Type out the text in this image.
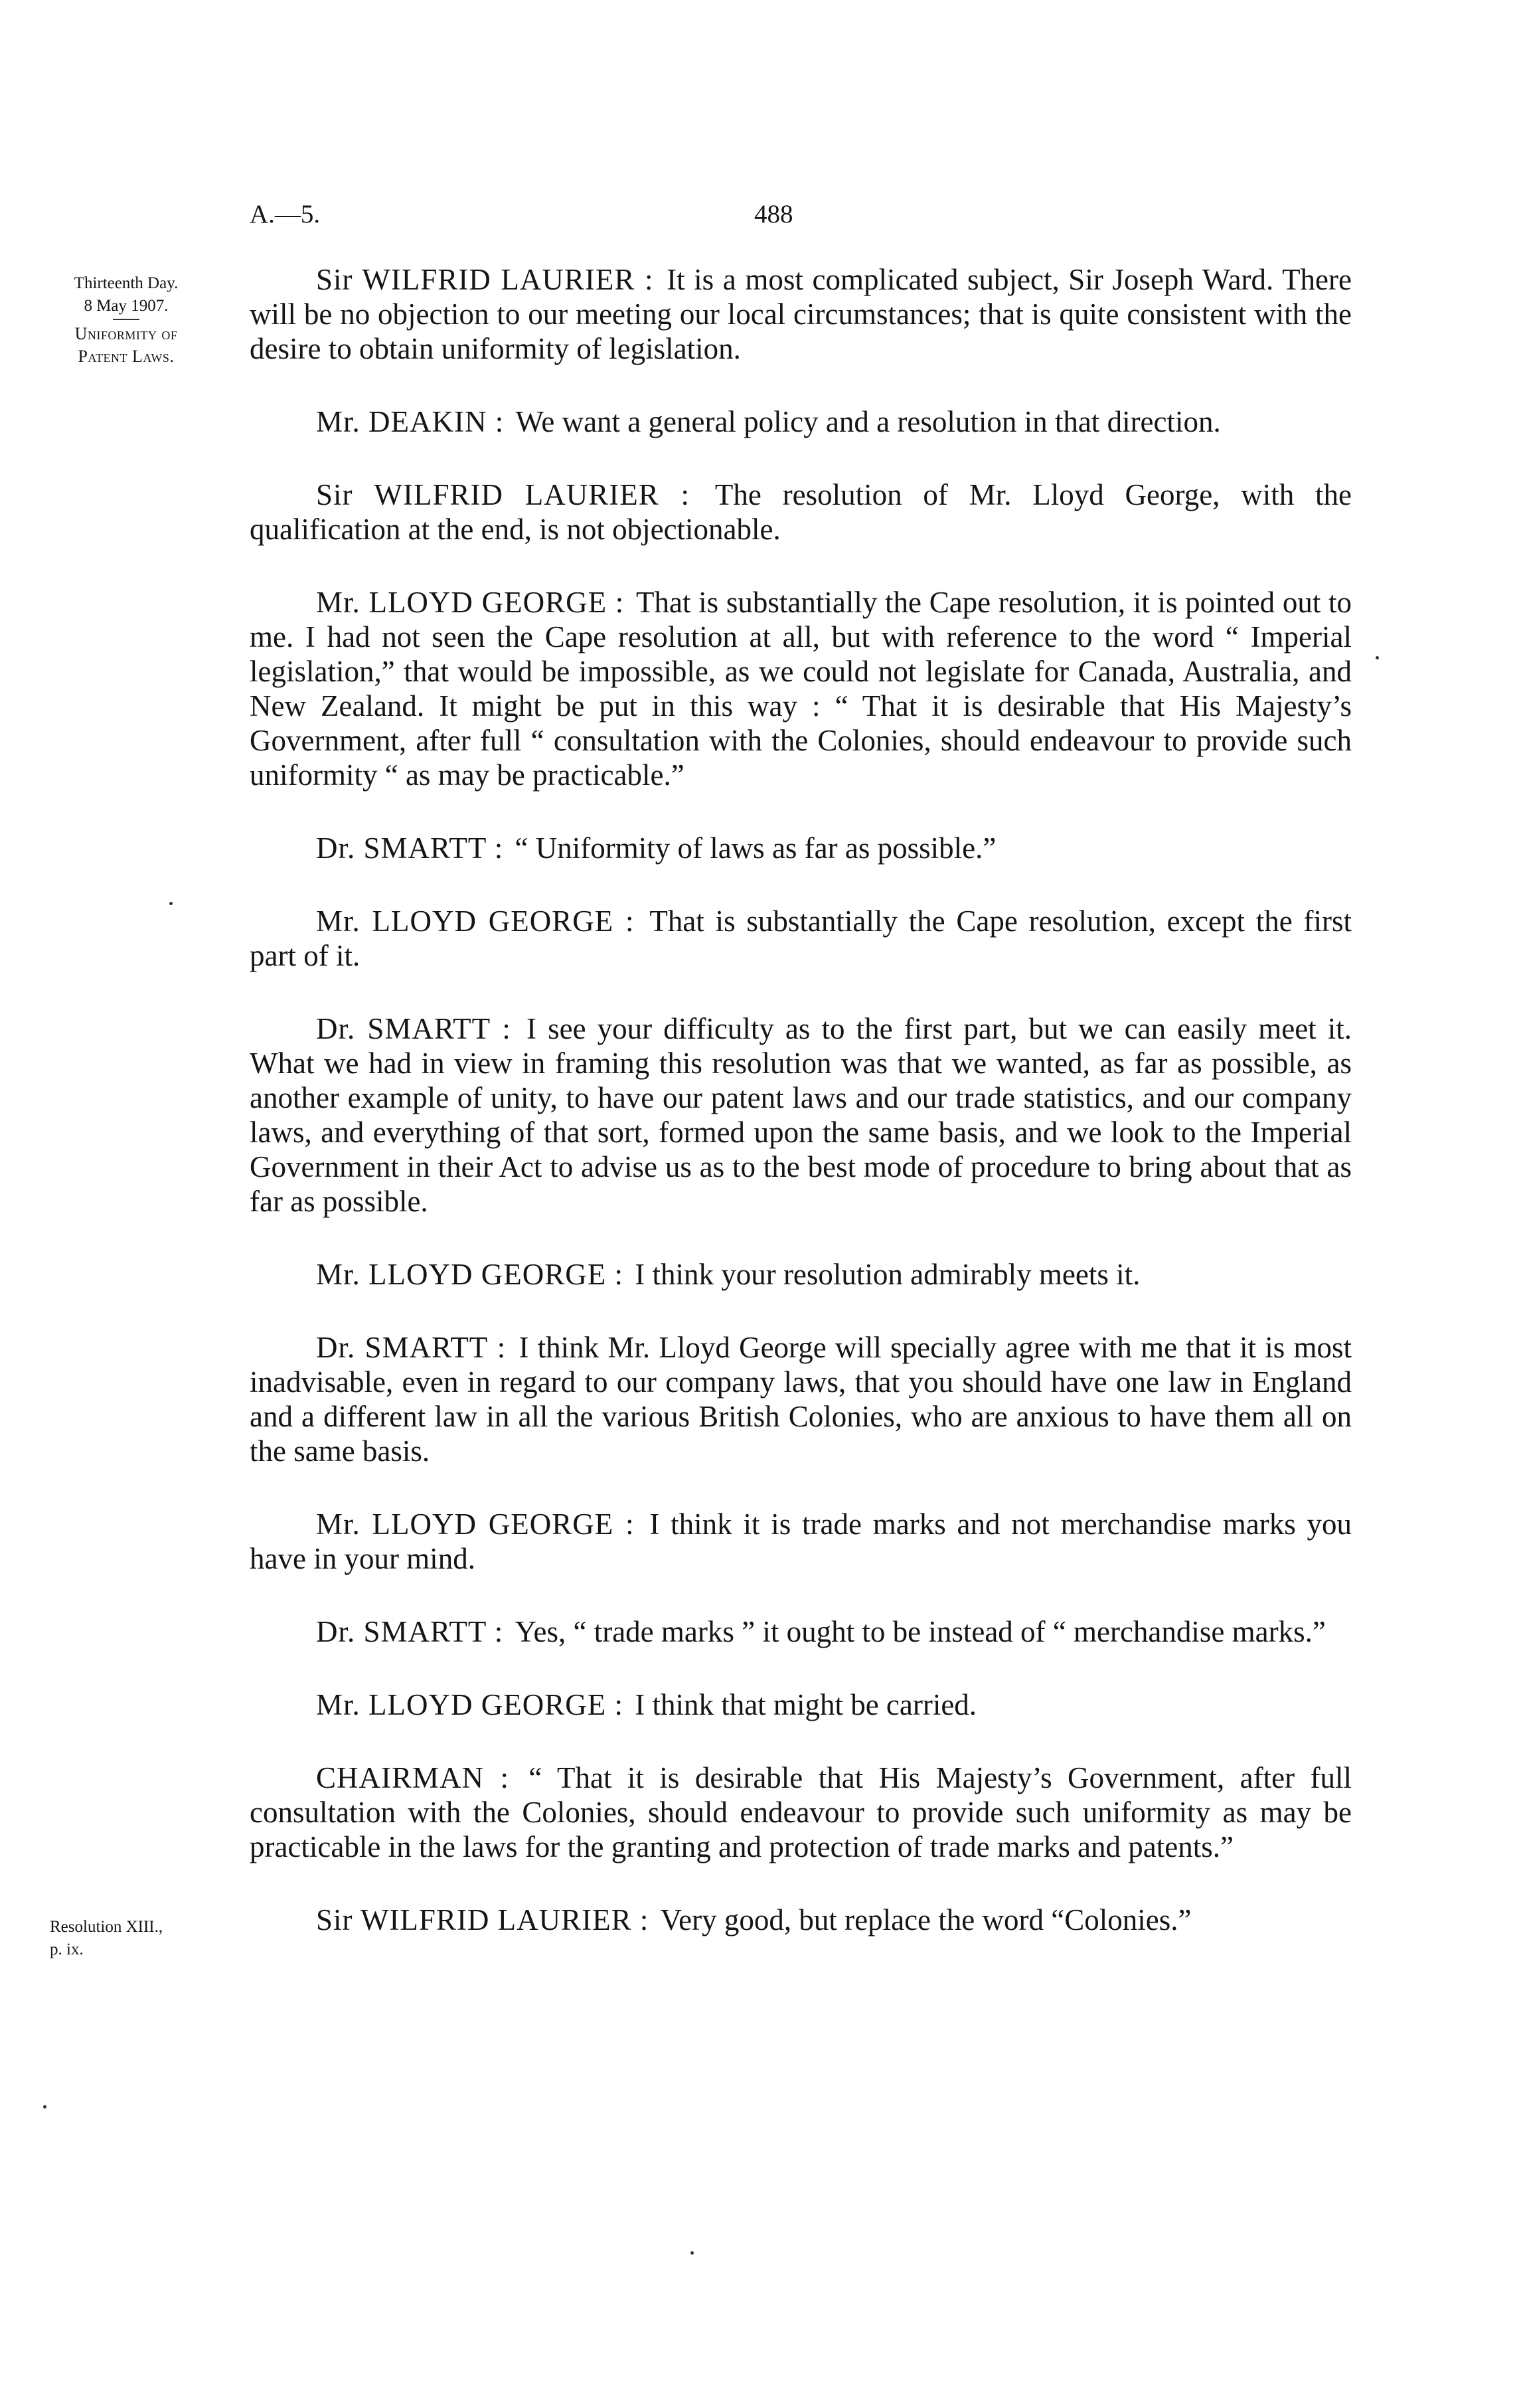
A.—5.	488
Thirteenth Day.
8 May 1907.
Uniformity of
Patent Laws.
Resolution XIII.,
p. ix.

Sir WILFRID LAURIER : It is a most complicated subject, Sir Joseph Ward. There will be no objection to our meeting our local circumstances; that is quite consistent with the desire to obtain uniformity of legislation.

Mr. DEAKIN : We want a general policy and a resolution in that direction.

Sir WILFRID LAURIER : The resolution of Mr. Lloyd George, with the qualification at the end, is not objectionable.

Mr. LLOYD GEORGE : That is substantially the Cape resolution, it is pointed out to me. I had not seen the Cape resolution at all, but with reference to the word “ Imperial legislation,” that would be impossible, as we could not legislate for Canada, Australia, and New Zealand. It might be put in this way : “ That it is desirable that His Majesty’s Government, after full “ consultation with the Colonies, should endeavour to provide such uniformity “ as may be practicable.”

Dr. SMARTT : “ Uniformity of laws as far as possible.”

Mr. LLOYD GEORGE : That is substantially the Cape resolution, except the first part of it.

Dr. SMARTT : I see your difficulty as to the first part, but we can easily meet it. What we had in view in framing this resolution was that we wanted, as far as possible, as another example of unity, to have our patent laws and our trade statistics, and our company laws, and everything of that sort, formed upon the same basis, and we look to the Imperial Government in their Act to advise us as to the best mode of procedure to bring about that as far as possible.

Mr. LLOYD GEORGE : I think your resolution admirably meets it.

Dr. SMARTT : I think Mr. Lloyd George will specially agree with me that it is most inadvisable, even in regard to our company laws, that you should have one law in England and a different law in all the various British Colonies, who are anxious to have them all on the same basis.

Mr. LLOYD GEORGE : I think it is trade marks and not merchandise marks you have in your mind.

Dr. SMARTT : Yes, “ trade marks ” it ought to be instead of “ merchandise marks.”

Mr. LLOYD GEORGE : I think that might be carried.

CHAIRMAN : “ That it is desirable that His Majesty’s Government, after full consultation with the Colonies, should endeavour to provide such uniformity as may be practicable in the laws for the granting and protection of trade marks and patents.”

Sir WILFRID LAURIER : Very good, but replace the word “Colonies.”
